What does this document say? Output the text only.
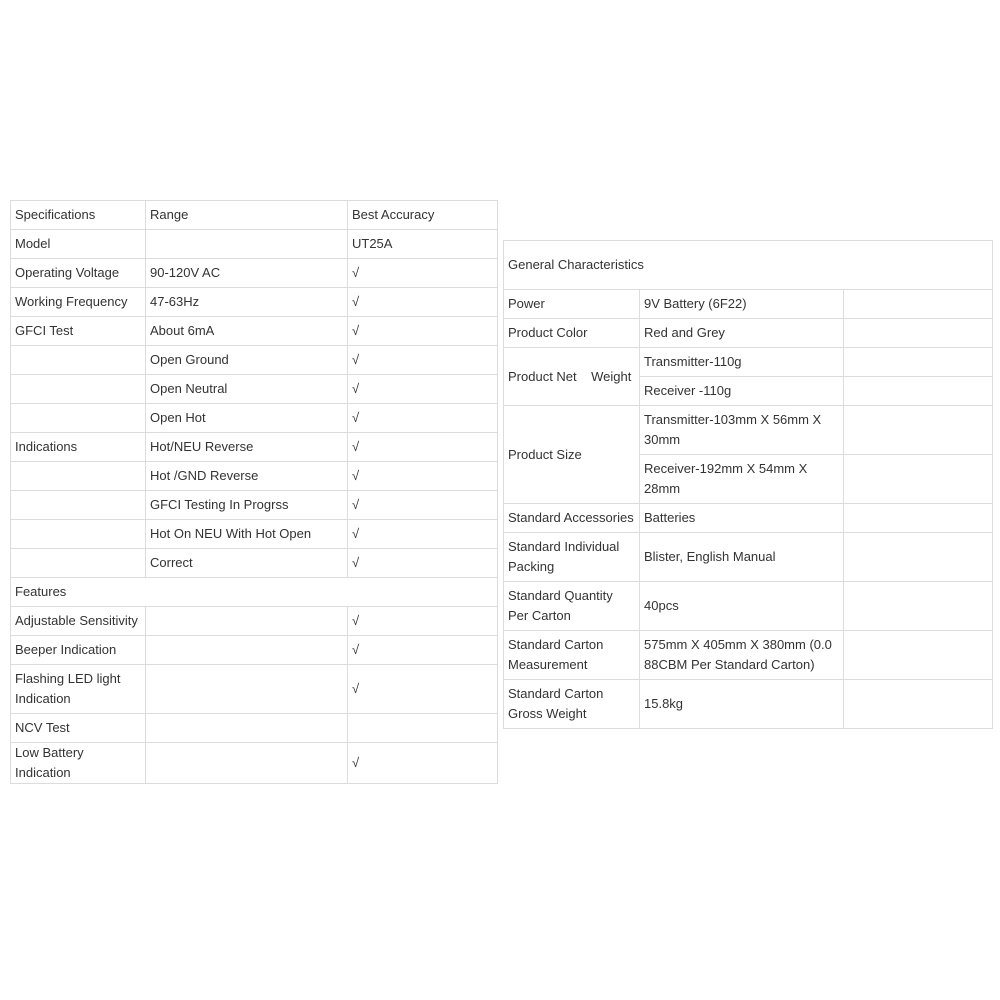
Specifications	Range	Best Accuracy
Model		UT25A
Operating Voltage	90-120V AC	√
Working Frequency	47-63Hz	√
GFCI Test	About 6mA	√
	Open Ground	√
	Open Neutral	√
	Open Hot	√
Indications	Hot/NEU Reverse	√
	Hot /GND Reverse	√
	GFCI Testing In Progrss	√
	Hot On NEU With Hot Open	√
	Correct	√
Features		
Adjustable Sensitivity		√
Beeper Indication		√
Flashing LED light Indication		√
NCV Test		
Low Battery Indication		√
General Characteristics		
Power	9V Battery (6F22)	
Product Color	Red and Grey	
Product Net    Weight	Transmitter-110g	
	Receiver -110g	
Product Size	Transmitter-103mm X 56mm X 30mm	
	Receiver-192mm X 54mm X 28mm	
Standard Accessories	Batteries	
Standard Individual Packing	Blister, English Manual	
Standard Quantity Per Carton	40pcs	
Standard Carton Measurement	575mm X 405mm X 380mm (0.088CBM Per Standard Carton)	
Standard Carton Gross Weight	15.8kg	
